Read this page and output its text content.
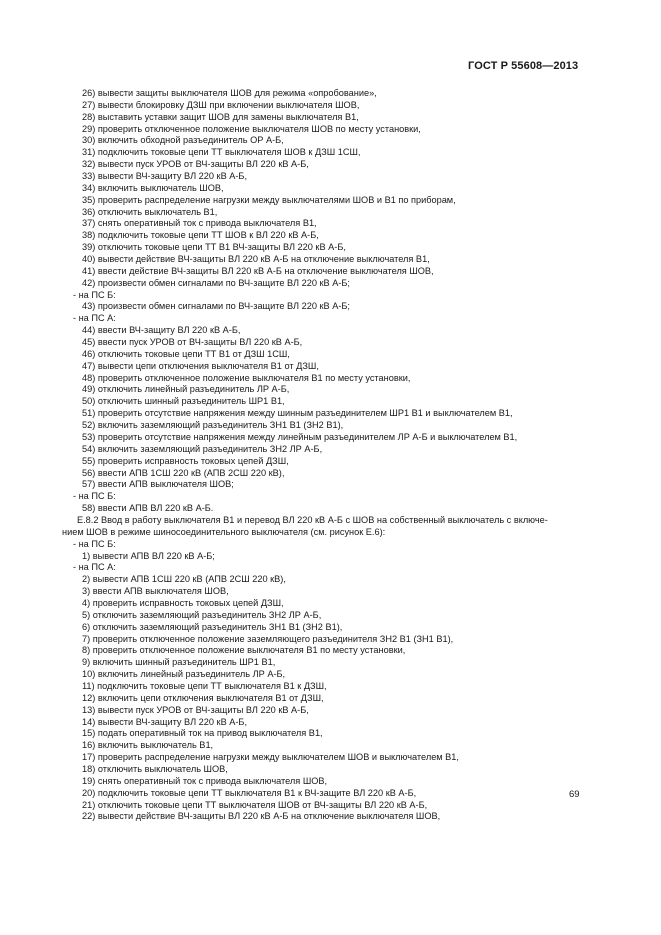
ГОСТ Р 55608—2013
26) вывести защиты выключателя ШОВ для режима «опробование»,
27) вывести блокировку ДЗШ при включении выключателя ШОВ,
28) выставить уставки защит ШОВ для замены выключателя В1,
29) проверить отключенное положение выключателя ШОВ по месту установки,
30) включить обходной разъединитель ОР А-Б,
31) подключить токовые цепи ТТ выключателя ШОВ к ДЗШ 1СШ,
32) вывести пуск УРОВ от ВЧ-защиты ВЛ 220 кВ А-Б,
33) вывести ВЧ-защиту ВЛ 220 кВ А-Б,
34) включить выключатель ШОВ,
35) проверить распределение нагрузки между выключателями ШОВ и В1 по приборам,
36) отключить выключатель В1,
37) снять оперативный ток с привода выключателя В1,
38) подключить токовые цепи ТТ ШОВ к ВЛ 220 кВ А-Б,
39) отключить токовые цепи ТТ В1 ВЧ-защиты ВЛ 220 кВ А-Б,
40) вывести действие ВЧ-защиты ВЛ 220 кВ А-Б на отключение выключателя В1,
41) ввести действие ВЧ-защиты ВЛ 220 кВ А-Б на отключение выключателя ШОВ,
42) произвести обмен сигналами по ВЧ-защите ВЛ 220 кВ А-Б;
- на ПС Б:
43) произвести обмен сигналами по ВЧ-защите ВЛ 220 кВ А-Б;
- на ПС А:
44) ввести ВЧ-защиту ВЛ 220 кВ А-Б,
45) ввести пуск УРОВ от ВЧ-защиты ВЛ 220 кВ А-Б,
46) отключить токовые цепи ТТ В1 от ДЗШ 1СШ,
47) вывести цепи отключения выключателя В1 от ДЗШ,
48) проверить отключенное положение выключателя В1 по месту установки,
49) отключить линейный разъединитель ЛР А-Б,
50) отключить шинный разъединитель ШР1 В1,
51) проверить отсутствие напряжения между шинным разъединителем ШР1 В1 и выключателем В1,
52) включить заземляющий разъединитель ЗН1 В1 (ЗН2 В1),
53) проверить отсутствие напряжения между линейным разъединителем ЛР А-Б и выключателем В1,
54) включить заземляющий разъединитель ЗН2 ЛР А-Б,
55) проверить исправность токовых цепей ДЗШ,
56) ввести АПВ 1СШ 220 кВ (АПВ 2СШ 220 кВ),
57) ввести АПВ выключателя ШОВ;
- на ПС Б:
58) ввести АПВ ВЛ 220 кВ А-Б.
Е.8.2 Ввод в работу выключателя В1 и перевод ВЛ 220 кВ А-Б с ШОВ на собственный выключатель с включе-
нием ШОВ в режиме шиносоединительного выключателя (см. рисунок Е.6):
- на ПС Б:
1) вывести АПВ ВЛ 220 кВ А-Б;
- на ПС А:
2) вывести АПВ 1СШ 220 кВ (АПВ 2СШ 220 кВ),
3) ввести АПВ выключателя ШОВ,
4) проверить исправность токовых цепей ДЗШ,
5) отключить заземляющий разъединитель ЗН2 ЛР А-Б,
6) отключить заземляющий разъединитель ЗН1 В1 (ЗН2 В1),
7) проверить отключенное положение заземляющего разъединителя ЗН2 В1 (ЗН1 В1),
8) проверить отключенное положение выключателя В1 по месту установки,
9) включить шинный разъединитель ШР1 В1,
10) включить линейный разъединитель ЛР А-Б,
11) подключить токовые цепи ТТ выключателя В1 к ДЗШ,
12) включить цепи отключения выключателя В1 от ДЗШ,
13) вывести пуск УРОВ от ВЧ-защиты ВЛ 220 кВ А-Б,
14) вывести ВЧ-защиту ВЛ 220 кВ А-Б,
15) подать оперативный ток на привод выключателя В1,
16) включить выключатель В1,
17) проверить распределение нагрузки между выключателем ШОВ и выключателем В1,
18) отключить выключатель ШОВ,
19) снять оперативный ток с привода выключателя ШОВ,
20) подключить токовые цепи ТТ выключателя В1 к ВЧ-защите ВЛ 220 кВ А-Б,
21) отключить токовые цепи ТТ выключателя ШОВ от ВЧ-защиты ВЛ 220 кВ А-Б,
22) вывести действие ВЧ-защиты ВЛ 220 кВ А-Б на отключение выключателя ШОВ,
69
